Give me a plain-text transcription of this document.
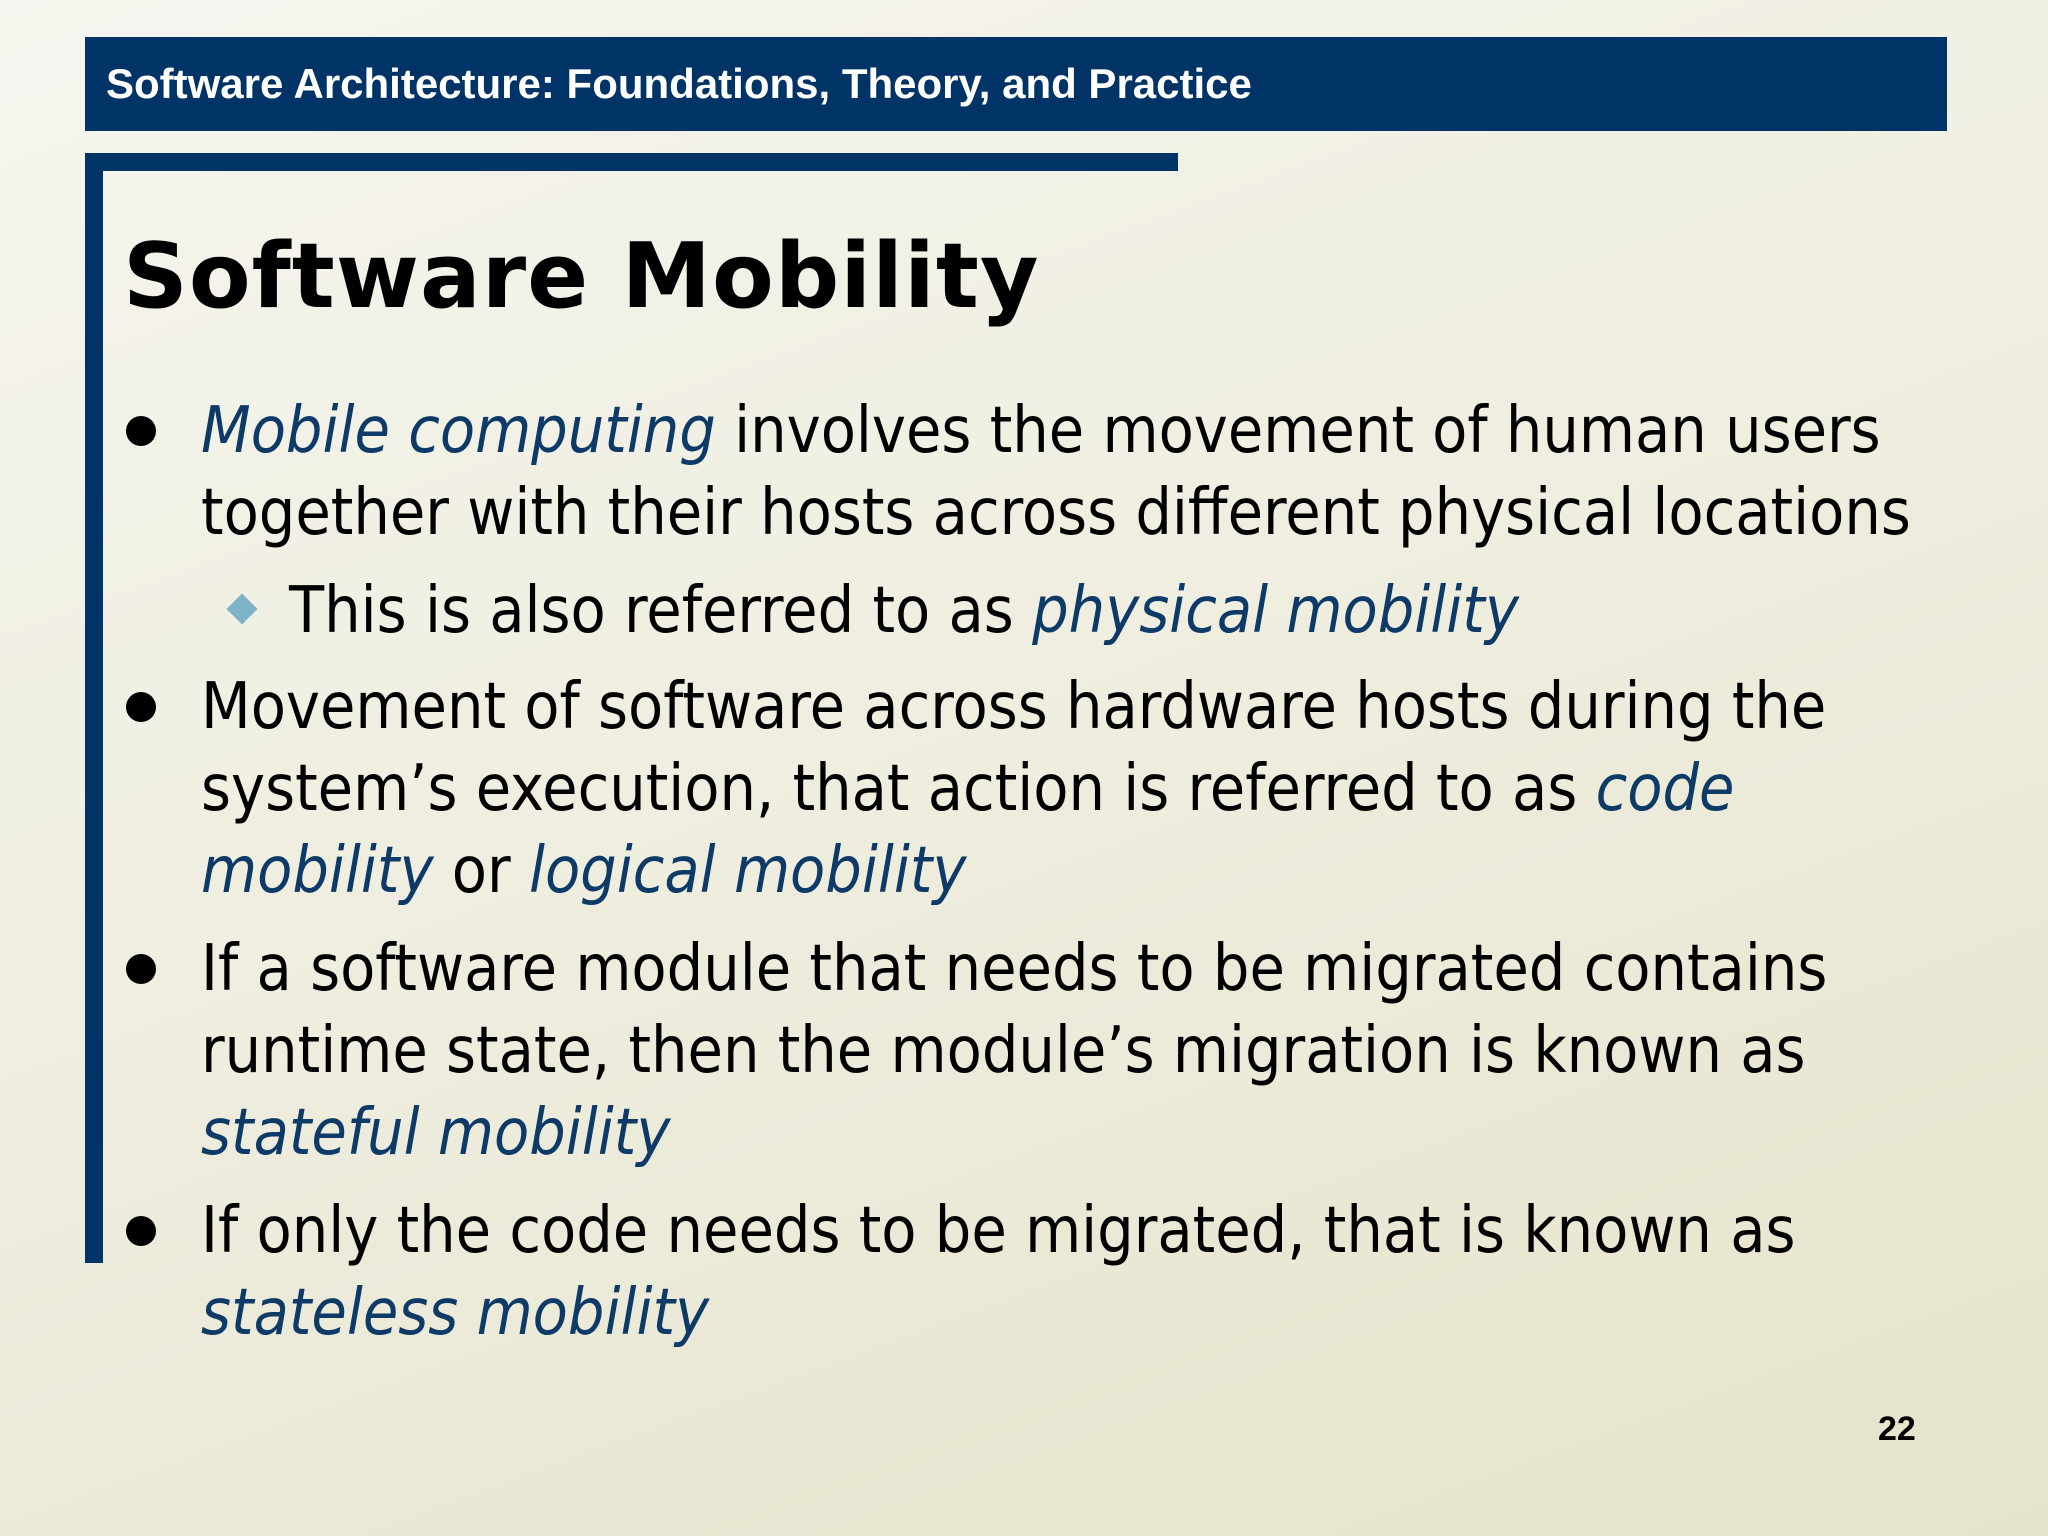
Software Architecture: Foundations, Theory, and Practice
Software Mobility
Mobile computing involves the movement of human users together with their hosts across different physical locations
This is also referred to as physical mobility
Movement of software across hardware hosts during the system’s execution, that action is referred to as code mobility or logical mobility
If a software module that needs to be migrated contains runtime state, then the module’s migration is known as stateful mobility
If only the code needs to be migrated, that is known as stateless mobility
22
